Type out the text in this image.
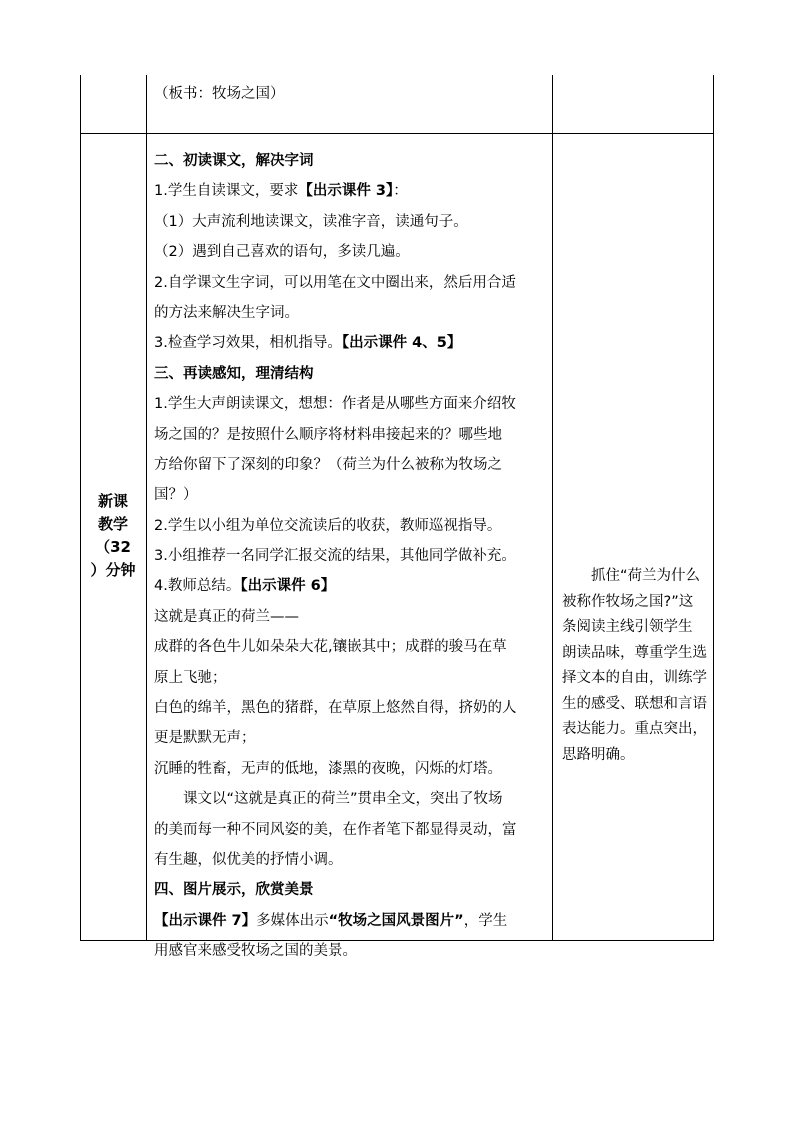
（板书：牧场之国）
新课
教学
（32
）分钟
二、初读课文，解决字词
1.学生自读课文，要求【出示课件 3】：
（1）大声流利地读课文，读准字音，读通句子。
（2）遇到自己喜欢的语句，多读几遍。
2.自学课文生字词，可以用笔在文中圈出来，然后用合适
的方法来解决生字词。
3.检查学习效果，相机指导。【出示课件 4、5】
三、再读感知，理清结构
1.学生大声朗读课文，想想：作者是从哪些方面来介绍牧
场之国的？是按照什么顺序将材料串接起来的？哪些地
方给你留下了深刻的印象？（荷兰为什么被称为牧场之
国？）
2.学生以小组为单位交流读后的收获，教师巡视指导。
3.小组推荐一名同学汇报交流的结果，其他同学做补充。
4.教师总结。【出示课件 6】
这就是真正的荷兰——
成群的各色牛儿如朵朵大花,镶嵌其中；成群的骏马在草
原上飞驰；
白色的绵羊，黑色的猪群，在草原上悠然自得，挤奶的人
更是默默无声；
沉睡的牲畜，无声的低地，漆黑的夜晚，闪烁的灯塔。
课文以“这就是真正的荷兰”贯串全文，突出了牧场
的美而每一种不同风姿的美，在作者笔下都显得灵动，富
有生趣，似优美的抒情小调。
四、图片展示，欣赏美景
【出示课件 7】多媒体出示“牧场之国风景图片”，学生
用感官来感受牧场之国的美景。
　　抓住“荷兰为什么
被称作牧场之国?”这
条阅读主线引领学生
朗读品味，尊重学生选
择文本的自由，训练学
生的感受、联想和言语
表达能力。重点突出，
思路明确。
